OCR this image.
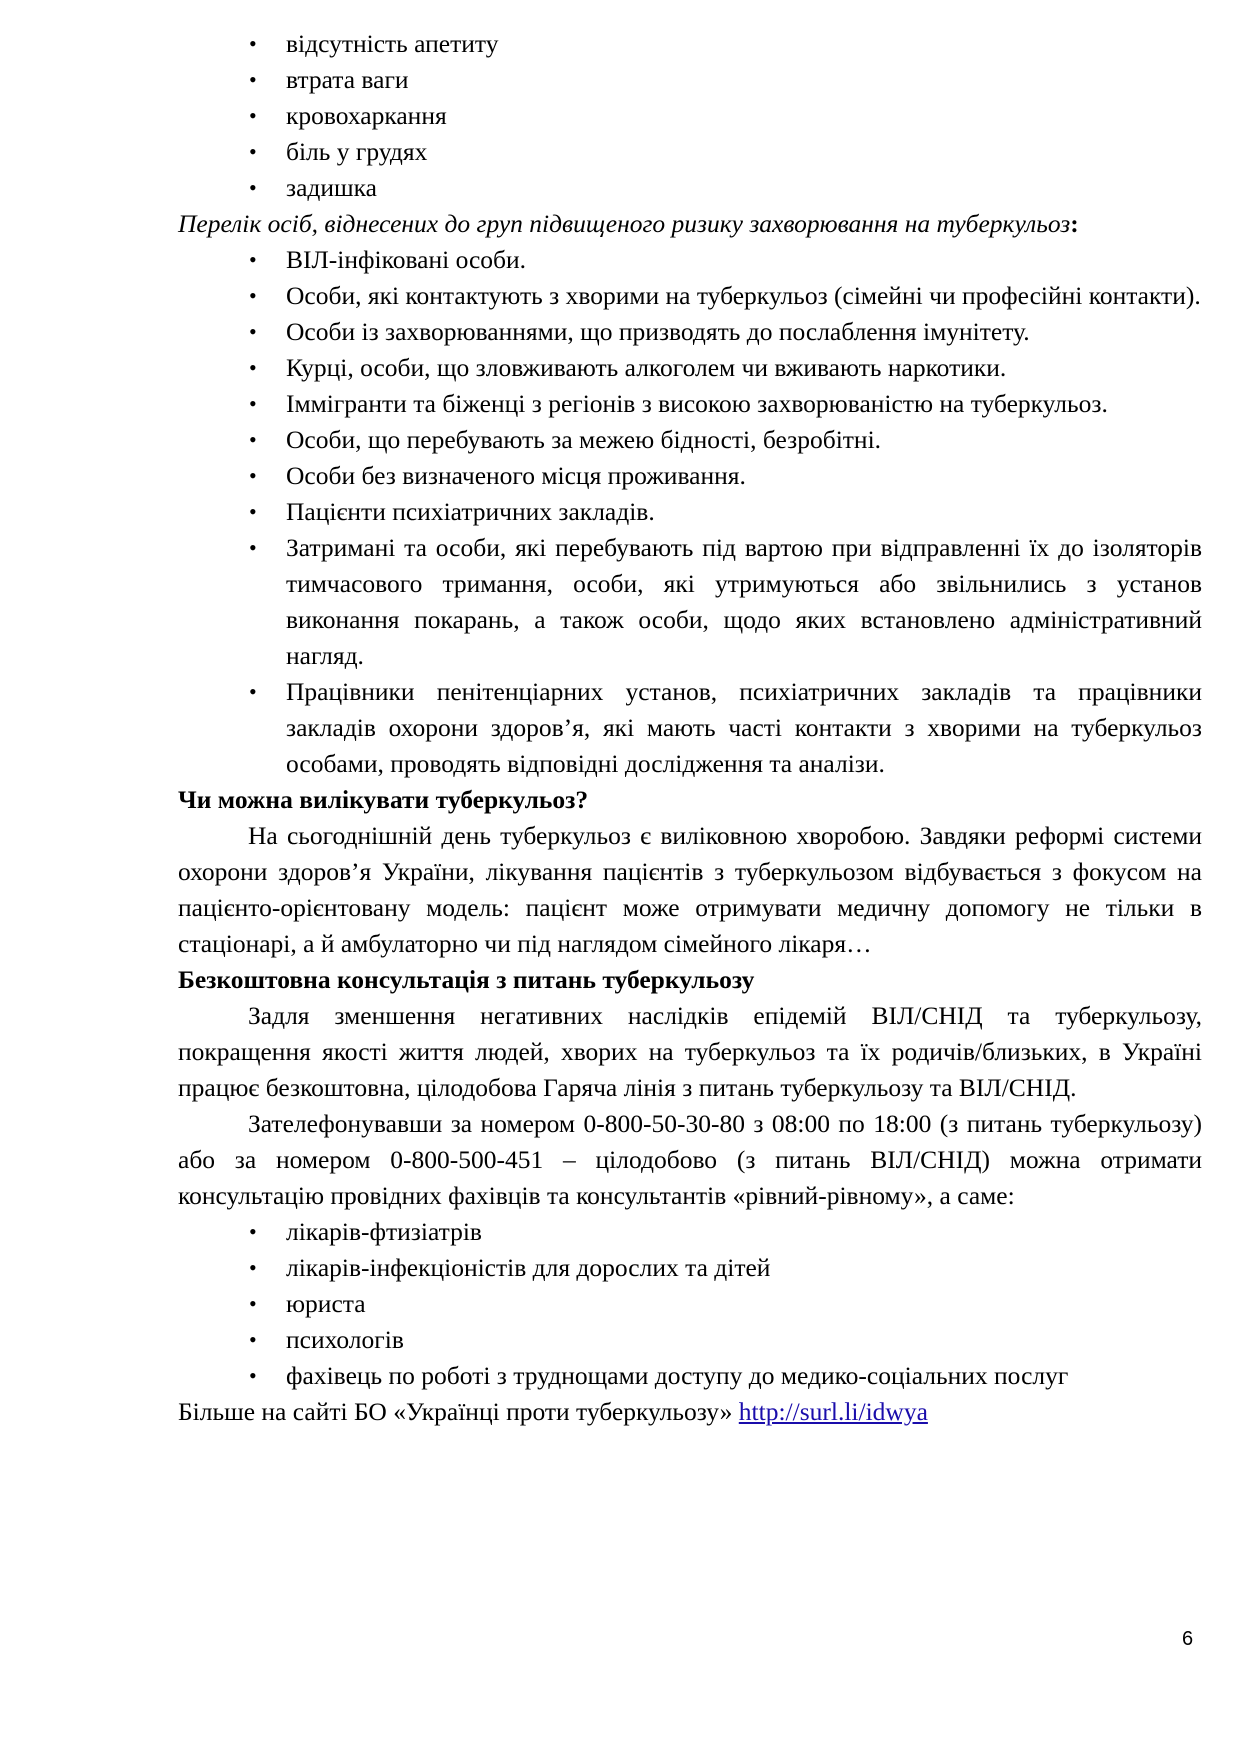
• відсутність апетиту
• втрата ваги
• кровохаркання
• біль у грудях
• задишка

Перелік осіб, віднесених до груп підвищеного ризику захворювання на туберкульоз:

• ВІЛ-інфіковані особи.
• Особи, які контактують з хворими на туберкульоз (сімейні чи професійні контакти).
• Особи із захворюваннями, що призводять до послаблення імунітету.
• Курці, особи, що зловживають алкоголем чи вживають наркотики.
• Іммігранти та біженці з регіонів з високою захворюваністю на туберкульоз.
• Особи, що перебувають за межею бідності, безробітні.
• Особи без визначеного місця проживання.
• Пацієнти психіатричних закладів.
• Затримані та особи, які перебувають під вартою при відправленні їх до ізоляторів тимчасового тримання, особи, які утримуються або звільнились з установ виконання покарань, а також особи, щодо яких встановлено адміністративний нагляд.
• Працівники пенітенціарних установ, психіатричних закладів та працівники закладів охорони здоров’я, які мають часті контакти з хворими на туберкульоз особами, проводять відповідні дослідження та аналізи.

Чи можна вилікувати туберкульоз?

На сьогоднішній день туберкульоз є виліковною хворобою. Завдяки реформі системи охорони здоров’я України, лікування пацієнтів з туберкульозом відбувається з фокусом на пацієнто-орієнтовану модель: пацієнт може отримувати медичну допомогу не тільки в стаціонарі, а й амбулаторно чи під наглядом сімейного лікаря…

Безкоштовна консультація з питань туберкульозу

Задля зменшення негативних наслідків епідемій ВІЛ/СНІД та туберкульозу, покращення якості життя людей, хворих на туберкульоз та їх родичів/близьких, в Україні працює безкоштовна, цілодобова Гаряча лінія з питань туберкульозу та ВІЛ/СНІД.

Зателефонувавши за номером 0-800-50-30-80 з 08:00 по 18:00 (з питань туберкульозу) або за номером 0-800-500-451 – цілодобово (з питань ВІЛ/СНІД) можна отримати консультацію провідних фахівців та консультантів «рівний-рівному», а саме:

• лікарів-фтизіатрів
• лікарів-інфекціоністів для дорослих та дітей
• юриста
• психологів
• фахівець по роботі з труднощами доступу до медико-соціальних послуг

Більше на сайті БО «Українці проти туберкульозу» http://surl.li/idwya

6
